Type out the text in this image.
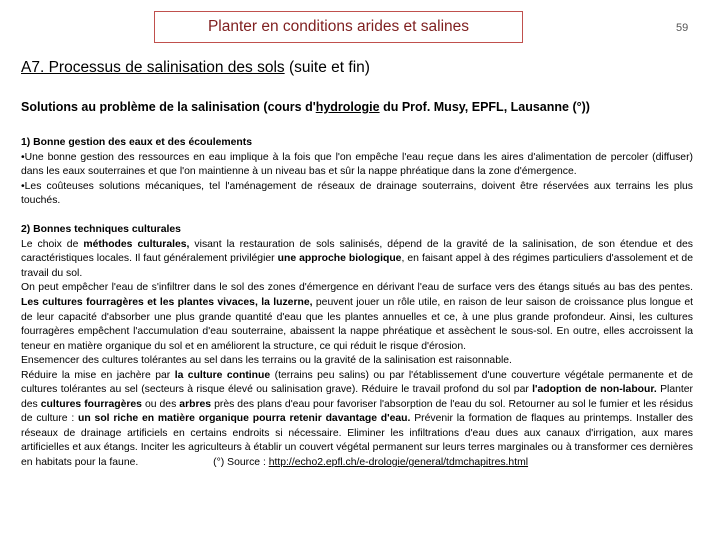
Planter en conditions arides et salines	59
A7. Processus de salinisation des sols (suite et fin)
Solutions au problème de la salinisation (cours d'hydrologie du Prof. Musy, EPFL, Lausanne (°))

1) Bonne gestion des eaux et des écoulements

•Une bonne gestion des ressources en eau implique à la fois que l'on empêche l'eau reçue dans les aires d'alimentation de percoler (diffuser) dans les eaux souterraines et que l'on maintienne à un niveau bas et sûr la nappe phréatique dans la zone d'émergence.

•Les coûteuses solutions mécaniques, tel l'aménagement de réseaux de drainage souterrains, doivent être réservées aux terrains les plus touchés.

2) Bonnes techniques culturales

Le choix de méthodes culturales, visant la restauration de sols salinisés, dépend de la gravité de la salinisation, de son étendue et des caractéristiques locales. Il faut généralement privilégier une approche biologique, en faisant appel à des régimes particuliers d'assolement et de travail du sol.

On peut empêcher l'eau de s'infiltrer dans le sol des zones d'émergence en dérivant l'eau de surface vers des étangs situés au bas des pentes. Les cultures fourragères et les plantes vivaces, la luzerne, peuvent jouer un rôle utile, en raison de leur saison de croissance plus longue et de leur capacité d'absorber une plus grande quantité d'eau que les plantes annuelles et ce, à une plus grande profondeur. Ainsi, les cultures fourragères empêchent l'accumulation d'eau souterraine, abaissent la nappe phréatique et assèchent le sous-sol. En outre, elles accroissent la teneur en matière organique du sol et en améliorent la structure, ce qui réduit le risque d'érosion.

Ensemencer des cultures tolérantes au sel dans les terrains ou la gravité de la salinisation est raisonnable.

Réduire la mise en jachère par la culture continue (terrains peu salins) ou par l'établissement d'une couverture végétale permanente et de cultures tolérantes au sel (secteurs à risque élevé ou salinisation grave). Réduire le travail profond du sol par l'adoption de non-labour. Planter des cultures fourragères ou des arbres près des plans d'eau pour favoriser l'absorption de l'eau du sol. Retourner au sol le fumier et les résidus de culture : un sol riche en matière organique pourra retenir davantage d'eau. Prévenir la formation de flaques au printemps. Installer des réseaux de drainage artificiels en certains endroits si nécessaire. Eliminer les infiltrations d'eau dues aux canaux d'irrigation, aux mares artificielles et aux étangs. Inciter les agriculteurs à établir un couvert végétal permanent sur leurs terres marginales ou à transformer ces dernières en habitats pour la faune.	(°) Source : http://echo2.epfl.ch/e-drologie/general/tdmchapitres.html
